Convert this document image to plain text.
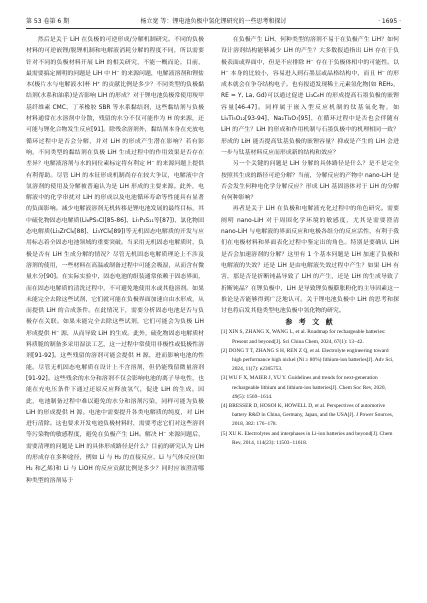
第 53 卷第 6 期	杨立宽 等：锂电池负极中氢化锂研究的一些思考和探讨	· 1695 ·

然后是关于 LiH 在负极的可逆形成/分解机制研究。不同的负极材料的可逆嵌锂/脱锂机制和电解液消耗分解的程度不同，所以需要针对不同的负极材料开展 LiH 的相关研究，不能一概而论。目前，最需要搞定阐明的问题是 LiH 中 H⁻ 的来源问题，电解液溶剂和锂盐本(极片水与电解液水)杯 H⁺ 的贡献比例是多少？不同类型的负极黏结剂(水系和油系)是否影响 LiH 的形成？对于锂电池负极常使用羧甲基纤维素 CMC、丁苯橡胶 SBR 等水系黏结剂，这些黏结剂与负极材料通常在水溶剂中分散，残留的水分不仅可能作为 H 的来源，还可能与锂化合物发生反应[91]。除残余溶剂外，黏结剂本身在充放电循环过程中是否会分解，并对 LiH 的形成产生潜在影响？若有影响，不同类型的黏结剂在负极 LiH 生成过程中的作用效果是否存在差异？电解液溶剂与水的同位素标定将有利定 H⁻ 的来源问题上提供有利帮助。尽管 LiH 的本征形成机制尚存在较大争议，电解液中含氢溶剂的使用及分解被普遍认为是 LiH 形成的主要来源。此外，电解液中的化学串扰对 LiH 的形成以及电池循环寿命等性能具有显著的负面影响。减少电解液溶剂无机转移是锂电池发展的最终目标，其中硫化物固态电解质(Li₆PS₅Cl[85-86]、Li₇P₃S₁₁等[87])、氯化物固态电解质(Li₃ZrCl₆[88]、Li₃YCl₆[89])等无机固态电解质的开发与应用标志着全固态电池领域的重要突破。当采用无机固态电解质时，负极是否有 LiH 生成分解的情况？尽管无机固态电解质理论上不涉及溶剂的使用，一些材料在高温或制备过程中可能会吸湿，从而含有微量水分[90]。在实际实验中，固态电池的组装通常依赖于固态界面，而在固态电解质的清洗过程中，不可避免地使用水或其他溶剂。如果未能完全去除这些试剂，它们就可能在负极界面加速自由水形成，从而提供 LiH 的合成条件。在此情况下，需要分析固态电池是否与负极存在关联。如果未能完全去除这些试剂，它们可能会为负极 LiH 形成提供 H⁻ 源，从而导致 LiH 的生成。此外，硫化物固态电解质材料质脆的制备多采用湿法工艺，这一过程中常使用非极性或低极性溶剂[91-92]。这些残留的溶剂可能会提供 H 源，进而影响电池的性能。尽管无机固态电解质在设计上不含溶剂，但仍能残留微量溶剂[91-92]。这些残余的水分和溶剂不仅会影响电池的离子导电性，也能在充电压条件下通过还原反应释放氢气，促进 LiH 的生成。因此，电池制备过程中难以避免的水分和溶剂污染，同样可能为负极 LiH 的形成提供 H 源。电池中需要提升各类电解质的纯度，对 LiH 进行清除。这也要求开发电池负极材料时，需要考虑它们对这些溶剂等污染物的敏感程度，避免在负极产生 LiH。解决 H⁻ 来源问题后，需要清理的问题是 LiH 的具体形成路径是什么？目前的研究认为 LiH 的形成存在多种途径，例如 Li 与 H₂ 的直接反应、Li 与气体反应(如 H₂ 和乙烯)和 Li 与 LiOH 的反应贡献比例是多少？同时应该澄清哪种类型的溶剂易于

在负极产生 LiH，何种类型的溶剂不易于在负极产生 LiH？如何设计溶剂结构能够减少 LiH 的产生？大多数报道指出 LiH 存在于负极表面或界面中，但是不应排除 H⁻ 存在于负极体相中的可能性。以 H⁻ 本身的比较小，容易进入到石墨层或晶格结构中，而且 H⁻ 的形成本就会在争夺结构电子。也有报道发现稀土元素氢化物(如 REH₂，RE = Y, La, Gd)可以通过促进 Li₃C₆H 的形成提高石墨负极的嵌锂容量[46-47]。同样属于嵌入型反应机制的钛基氧化物，如 Li₄Ti₅O₁₂[93-94]、Na₂Ti₃O₇[95]，在循环过程中是否也会伴随有 LiH 的产生？LiH 的形成和作用机制与石墨负极中的机理相同一致？形成的 LiH 能否提高钛基负极的嵌锂容量？抑或是产生的 LiH 会进一步与钛基材料反应而形成新的结构和效应？

另一个关键的问题是 LiH 分解的具体路径是什么？是不是完全按照其生成的路径可逆分解？当前，分解反应的产物中 nano-LiH 是否会发生何种电化学分解反应？形成 LiH 基固溶体对于 LiH 的分解有何种影响？

再者是关于 LiH 在负极和电解液充化过程中的角色研究。需要阐明 nano-LiH 对于周围化学环境的敏感度，尤其是需要澄清 nano-LiH 与电解液的界面反应和电极各组分的反应活性，有利于我们在电极材料和界面表化过程中鉴定出的角色。特别是要确认 LiH 是否会加速溶剂的分解？这里有 1 个基本问题是 LiH 加速了负极和电解液的失效？还是 LiH 是由电解液失效过程中产生？如果 LiH 有害，那是否是折断钝晶导致了 LiH 的产生，还是 LiH 的生成导致了折断钝晶？在锂负极中，LiH 是导致锂负极膨胀粉化的主导因素这一推论是否能够得到广泛地认可。关于锂电池负极中 LiH 的思考和探讨也将启发其他类型电池负极中氢化物的研究。

参 考 文 献

[1] XIN S, ZHANG X, WANG L, et al. Roadmap for rechargeable batteries: Present and beyond[J]. Sci China Chem, 2024, 67(1): 13−42.

[2] DONG T T, ZHANG S H, REN Z Q, et al. Electrolyte engineering toward high performance high nickel (Ni ≥ 80%) lithium-ion batteries[J]. Adv Sci, 2024, 11(7): e2305753.

[3] WU F X, MAIER J, YU Y. Guidelines and trends for next-generation rechargeable lithium and lithium-ion batteries[J]. Chem Soc Rev, 2020, 49(5): 1569−1614.

[4] BRESSER D, HOSOI K, HOWELL D, et al. Perspectives of automotive battery R&D in China, Germany, Japan, and the USA[J]. J Power Sources, 2018, 382: 176−178.

[5] XU K. Electrolytes and interphases in Li-ion batteries and beyond[J]. Chem Rev, 2014, 114(23): 11503−11618.
